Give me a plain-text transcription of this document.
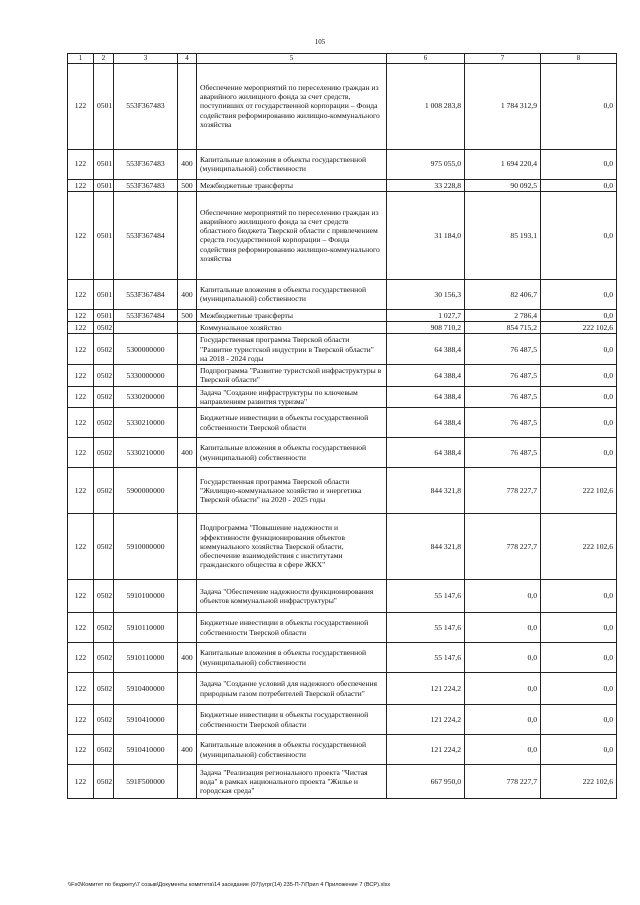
105
1	2	3	4	5	6	7	8
122	0501	553F367483		Обеспечение мероприятий по переселению граждан из аварийного жилищного фонда за счет средств, поступивших от государственной корпорации – Фонда содействия реформированию жилищно-коммунального хозяйства	1 008 283,8	1 784 312,9	0,0
122	0501	553F367483	400	Капитальные вложения в объекты государственной (муниципальной) собственности	975 055,0	1 694 220,4	0,0
122	0501	553F367483	500	Межбюджетные трансферты	33 228,8	90 092,5	0,0
122	0501	553F367484		Обеспечение мероприятий по переселению граждан из аварийного жилищного фонда за счет средств областного бюджета Тверской области с привлечением средств государственной корпорации – Фонда содействия реформированию жилищно-коммунального хозяйства	31 184,0	85 193,1	0,0
122	0501	553F367484	400	Капитальные вложения в объекты государственной (муниципальной) собственности	30 156,3	82 406,7	0,0
122	0501	553F367484	500	Межбюджетные трансферты	1 027,7	2 786,4	0,0
122	0502			Коммунальное хозяйство	908 710,2	854 715,2	222 102,6
122	0502	5300000000		Государственная программа Тверской области "Развитие туристской индустрии в Тверской области" на 2018 - 2024 годы	64 388,4	76 487,5	0,0
122	0502	5330000000		Подпрограмма "Развитие туристской инфраструктуры в Тверской области"	64 388,4	76 487,5	0,0
122	0502	5330200000		Задача "Создание инфраструктуры по ключевым направлениям развития туризма"	64 388,4	76 487,5	0,0
122	0502	5330210000		Бюджетные инвестиции в объекты государственной собственности Тверской области	64 388,4	76 487,5	0,0
122	0502	5330210000	400	Капитальные вложения в объекты государственной (муниципальной) собственности	64 388,4	76 487,5	0,0
122	0502	5900000000		Государственная программа Тверской области "Жилищно-коммунальное хозяйство и энергетика Тверской области" на 2020 - 2025 годы	844 321,8	778 227,7	222 102,6
122	0502	5910000000		Подпрограмма "Повышение надежности и эффективности функционирования объектов коммунального хозяйства Тверской области, обеспечение взаимодействия с институтами гражданского общества в сфере ЖКХ"	844 321,8	778 227,7	222 102,6
122	0502	5910100000		Задача "Обеспечение надежности функционирования объектов коммунальной инфраструктуры"	55 147,6	0,0	0,0
122	0502	5910110000		Бюджетные инвестиции в объекты государственной собственности Тверской области	55 147,6	0,0	0,0
122	0502	5910110000	400	Капитальные вложения в объекты государственной (муниципальной) собственности	55 147,6	0,0	0,0
122	0502	5910400000		Задача "Создание условий для надежного обеспечения природным газом потребителей Тверской области"	121 224,2	0,0	0,0
122	0502	5910410000		Бюджетные инвестиции в объекты государственной собственности Тверской области	121 224,2	0,0	0,0
122	0502	5910410000	400	Капитальные вложения в объекты государственной (муниципальной) собственности	121 224,2	0,0	0,0
122	0502	591F500000		Задача "Реализация регионального проекта "Чистая вода" в рамках национального проекта "Жилье и городская среда"	667 950,0	778 227,7	222 102,6
\\Fs0\Комитет по бюджету\7 созыв\Документы комитета\14 заседание (07)\угрг(14) 235-П-7\Прил 4 Приложение 7 (ВСР).xlsx
